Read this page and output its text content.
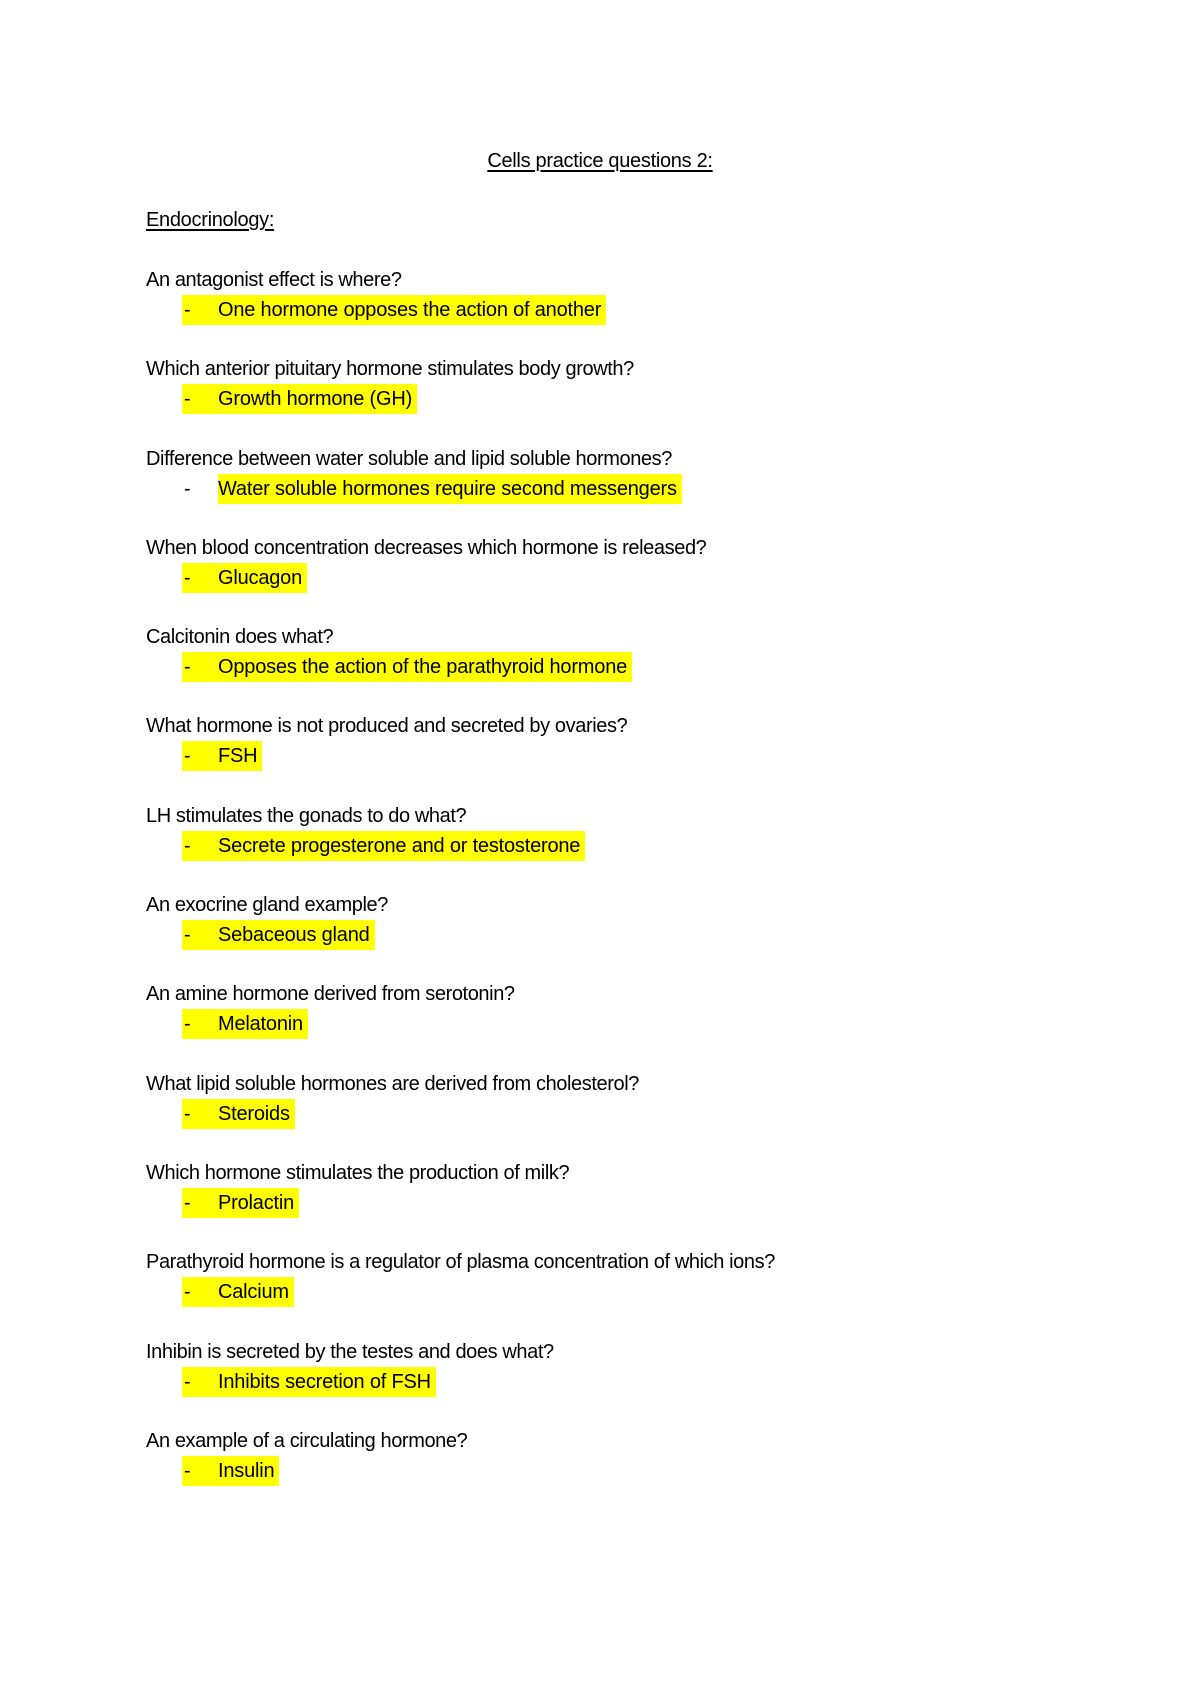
Cells practice questions 2:
Endocrinology:
An antagonist effect is where?
-	One hormone opposes the action of another
Which anterior pituitary hormone stimulates body growth?
-	Growth hormone (GH)
Difference between water soluble and lipid soluble hormones?
-	Water soluble hormones require second messengers
When blood concentration decreases which hormone is released?
-	Glucagon
Calcitonin does what?
-	Opposes the action of the parathyroid hormone
What hormone is not produced and secreted by ovaries?
-	FSH
LH stimulates the gonads to do what?
-	Secrete progesterone and or testosterone
An exocrine gland example?
-	Sebaceous gland
An amine hormone derived from serotonin?
-	Melatonin
What lipid soluble hormones are derived from cholesterol?
-	Steroids
Which hormone stimulates the production of milk?
-	Prolactin
Parathyroid hormone is a regulator of plasma concentration of which ions?
-	Calcium
Inhibin is secreted by the testes and does what?
-	Inhibits secretion of FSH
An example of a circulating hormone?
-	Insulin
